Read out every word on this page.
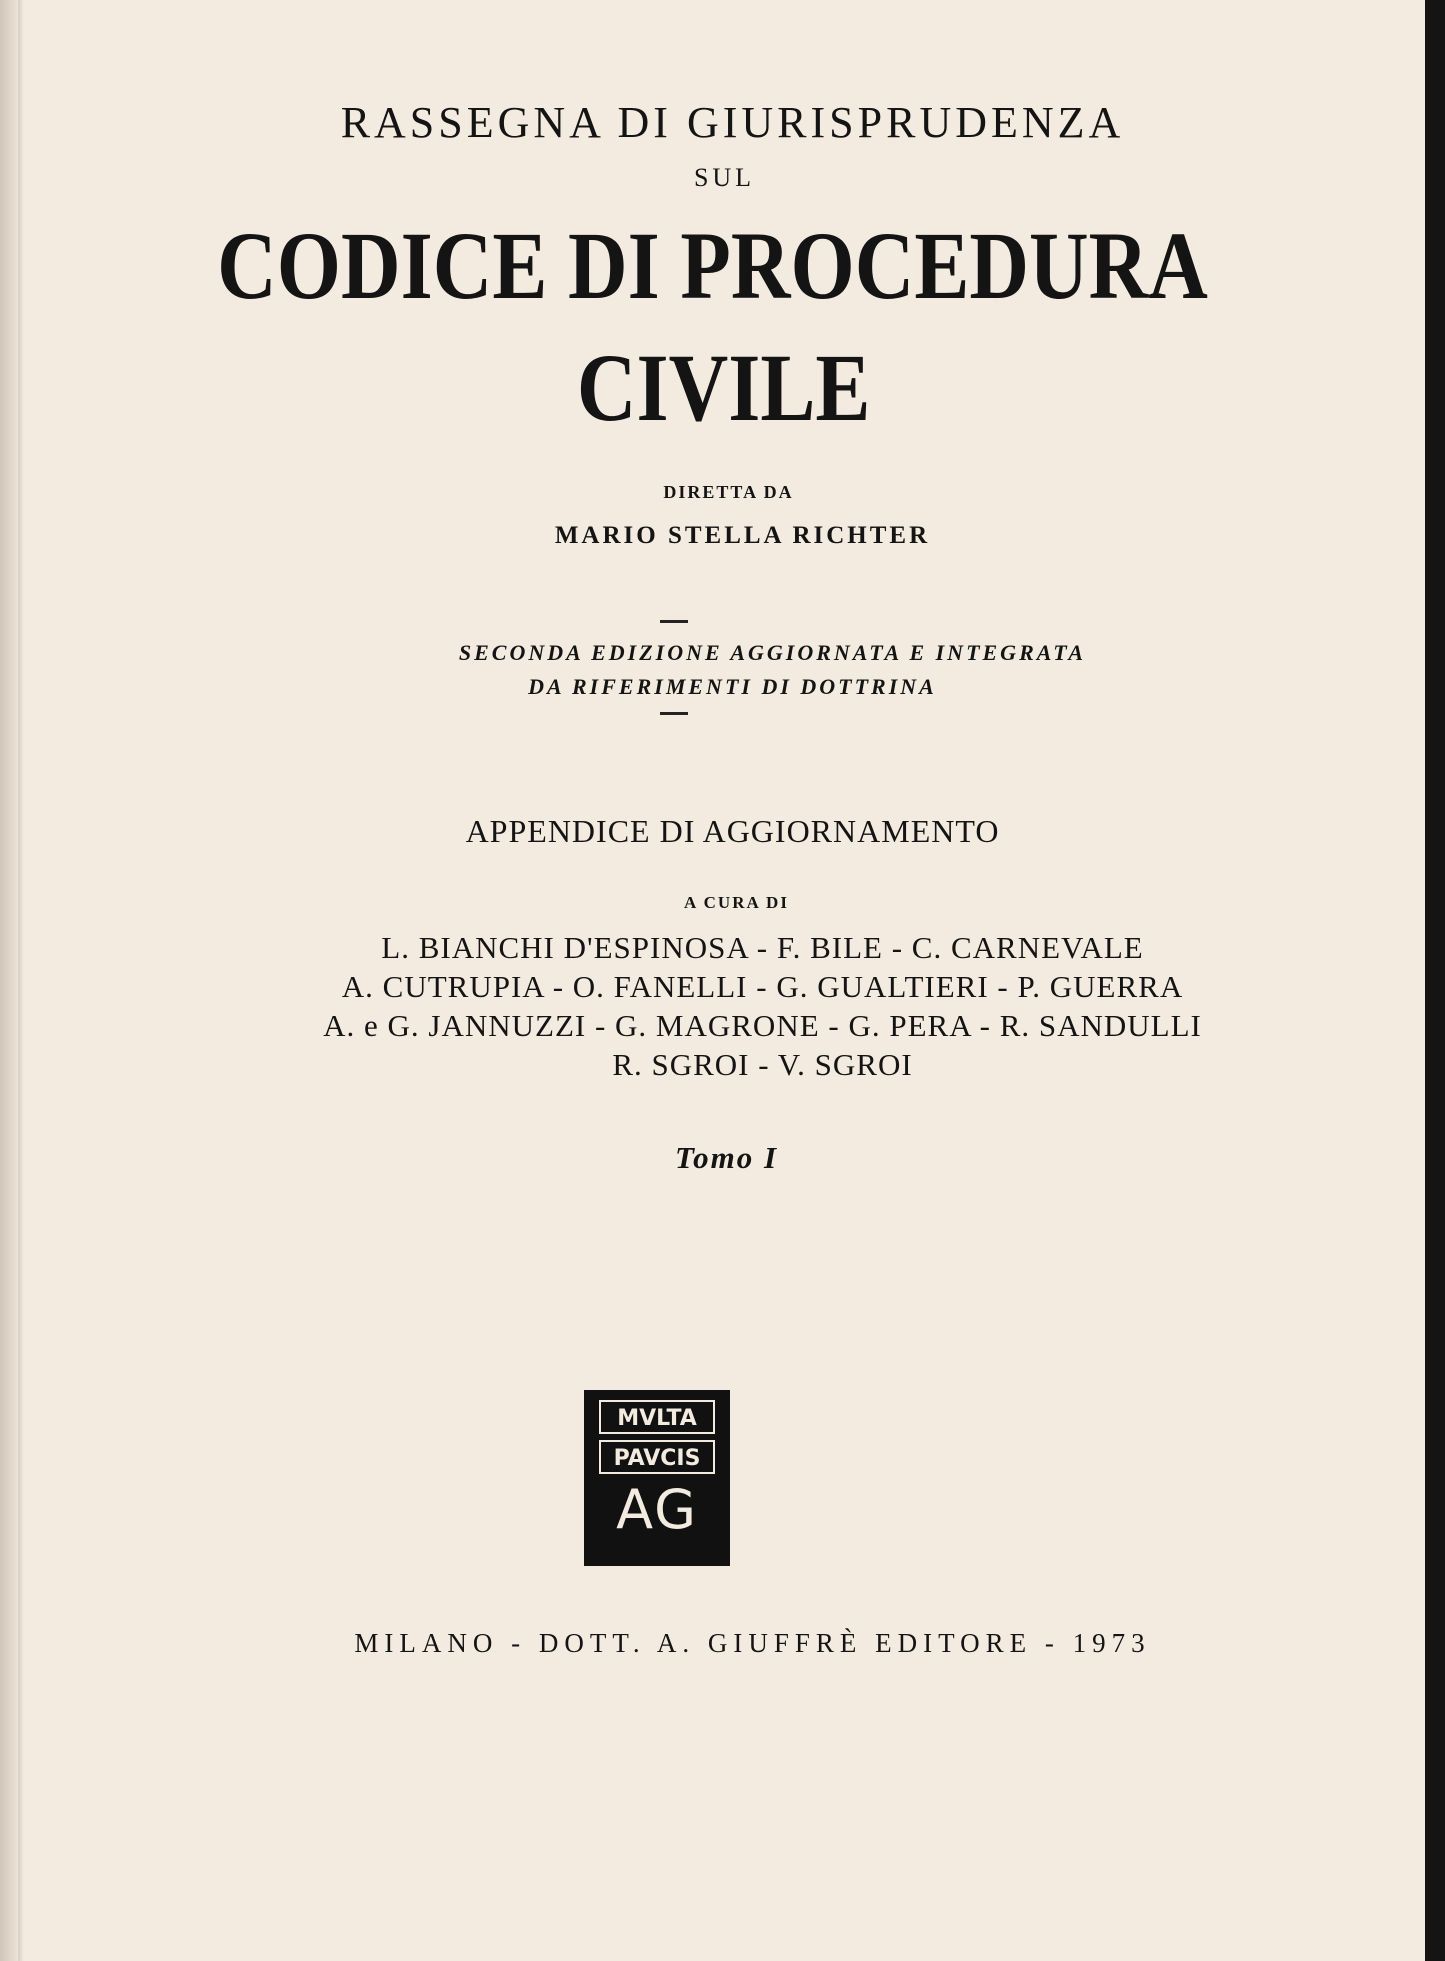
RASSEGNA DI GIURISPRUDENZA
SUL
CODICE DI PROCEDURA
CIVILE
DIRETTA DA
MARIO STELLA RICHTER
SECONDA EDIZIONE AGGIORNATA E INTEGRATA
DA RIFERIMENTI DI DOTTRINA
APPENDICE DI AGGIORNAMENTO
A CURA DI
L. BIANCHI D'ESPINOSA - F. BILE - C. CARNEVALE
A. CUTRUPIA - O. FANELLI - G. GUALTIERI - P. GUERRA
A. e G. JANNUZZI - G. MAGRONE - G. PERA - R. SANDULLI
R. SGROI - V. SGROI
Tomo I
MVLTA
PAVCIS
AG
MILANO - DOTT. A. GIUFFRÈ EDITORE - 1973
